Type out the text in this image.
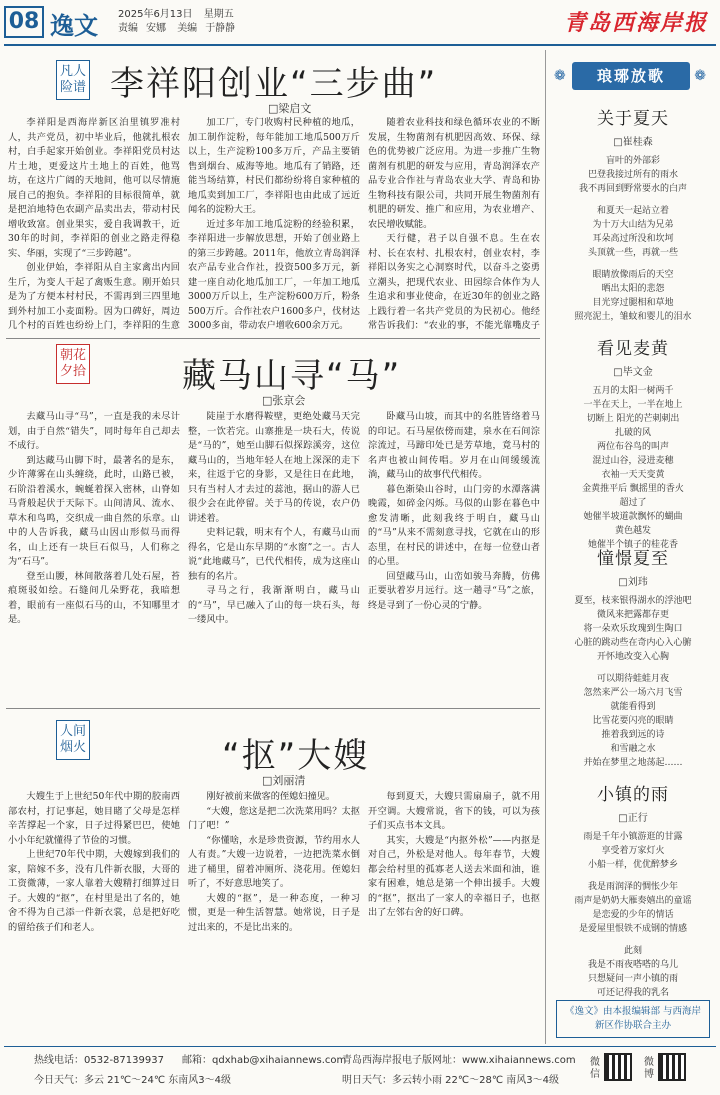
08 逸文 2025年6月13日 星期五
责编 安娜 美编 于静静	青岛西海岸报
凡人
险谱 李祥阳创业“三步曲”
□梁启文

李祥阳是西海岸新区泊里镇罗准村人，共产党员，初中毕业后，他就扎根农村，白手起家开始创业。李祥阳党员村达片土地，更爱这片土地上的百姓，他骂坊，在这片广阔的天地间，他可以尽情施展自己的抱负。李祥阳的目标很简单，就是把泊地特色农副产品卖出去，带动村民增收致富。创业果实，爱自我调教干，近30年的时间，李祥阳的创业之路走得稳实、华丽，实现了“三步跨越”。

创业伊始，李祥阳从自主家禽出内回生斤，为变人干起了禽贩生意。刚开始只是为了方便本村村民，不需再到三四里地到外村加工小麦面粉。因为口碑好，周边几个村的百姓也纷纷上门，李祥阳的生意

加工厂，专门收购村民种植的地瓜，加工制作淀粉，每年能加工地瓜500万斤以上，生产淀粉100多万斤，产品主要销售到烟台、威海等地。地瓜有了销路，还能当场结算，村民们都纷纷将自家种植的地瓜卖到加工厂，李祥阳也由此成了远近闻名的淀粉大王。

近过多年加工地瓜淀粉的经验积累，李祥阳进一步解放思想，开始了创业路上的第三步跨越。2011年，他放立青岛润泽农产品专业合作社，投资500多万元，新建一座自动化地瓜加工厂，一年加工地瓜3000万斤以上，生产淀粉600万斤，粉条500万斤。合作社农户1600多户，伐材达3000多亩，带动农户增收600余万元。

随着农业科技和绿色循环农业的不断发展，生物菌剂有机肥因高效、环保、绿色的优势被广泛应用。为进一步推广生物菌剂有机肥的研发与应用，青岛润泽农产品专业合作社与青岛农业大学、青岛和协生物科技有限公司，共同开展生物菌剂有机肥的研发、推广和应用，为农业增产、农民增收赋能。

天行健，君子以自强不息。生在农村、长在农村、扎根农村，创业农村，李祥阳以务实之心洞察时代，以奋斗之姿勇立潮头，把现代农业、田园综合体作为人生追求和事业使命，在近30年的创业之路上践行着一名共产党员的为民初心。他经常告诉我们：“农业的事，不能光靠嘴皮子

朝花
夕拾	藏马山寻“马”
□张京会

去藏马山寻“马”，一直是我的未尽计划，由于自然“错失”，同时每年自己却去不成行。

到达藏马山脚下时，最著名的是东，少许薄雾在山头缠绕，此时，山路已被，石阶沿着溪水，蜿蜒着探入密林，山脊如马背般起伏于天际下。山间清风、流水、草木和鸟鸣，交织成一曲自然的乐章。山中的人告诉我，藏马山因山形似马而得名，山上还有一块巨石似马，人们称之为“石马”。

登至山腰，林间散落着几处石屋，苔痕斑驳如绘。石缝间几朵野花，我暗想着，眼前有一座似石马的山，不知哪里才是。

陡崖于水磨得鞍壁，更绝处藏马天完整，一饮若完。山寨推是一块石大，传说是“马的”，她至山脚石似探踪溪旁，这位藏马山的，当地年轻人在地上深深的走下来，往返于它的身影，又是往日在此地，只有当村人才去过的蕊池，据山的游人已很少会在此停留。关于马的传说，农户仍讲述着。

史料记载，明末有个人，有藏马山而得名，它是山东早期的“水窗”之一。古人说“此地藏马”，已代代相传，成为这座山独有的名片。

寻马之行，我渐渐明白，藏马山的“马”，早已融入了山的每一块石头，每一缕风中。

卧藏马山坡，而其中的名胜皆络着马的印记。石马屋依傍而建，泉水在石间淙淙流过，马蹄印处已是芳草地，竟马村的名声也被山间传唱。岁月在山间缓缓流淌，藏马山的故事代代相传。

暮色渐染山谷时，山门旁的水潭落满晚霞，如碎金闪烁。马似的山影在暮色中愈发清晰，此刻我终于明白，藏马山的“马”从来不需刻意寻找，它就在山的形态里，在村民的讲述中，在每一位登山者的心里。

回望藏马山，山峦如骏马奔腾，仿佛正要驮着岁月远行。这一趟寻“马”之旅，终是寻到了一份心灵的宁静。

人间
烟火	“抠”大嫂
□刘丽清

大嫂生于上世纪50年代中期的胶南西部农村，打记事起，她目睹了父母是怎样辛苦撑起一个家，日子过得紧巴巴，使她小小年纪就懂得了节俭的习惯。

上世纪70年代中期，大嫂嫁到我们的家，陪嫁不多，没有几件新衣服，大哥的工资微薄，一家人靠着大嫂精打细算过日子。大嫂的“抠”，在村里是出了名的，她舍不得为自己添一件新衣裳，总是把好吃的留给孩子们和老人。

刚好被前来做客的侄媳妇撞见。

“大嫂，您这是把二次洗菜用吗？太抠门了吧！”

“你懂啥，水是珍贵资源，节约用水人人有责。”大嫂一边说着，一边把洗菜水倒进了桶里，留着冲厕所、浇花用。侄媳妇听了，不好意思地笑了。

大嫂的“抠”，是一种态度，一种习惯，更是一种生活智慧。她常说，日子是过出来的，不是比出来的。

每到夏天，大嫂只需扇扇子，就不用开空调。大嫂常说，省下的钱，可以为孩子们买点书本文具。

其实，大嫂是“内抠外松”——内抠是对自己，外松是对他人。每年春节，大嫂都会给村里的孤寡老人送去米面和油，谁家有困难，她总是第一个伸出援手。大嫂的“抠”，抠出了一家人的幸福日子，也抠出了左邻右舍的好口碑。

❁ 琅琊放歌 ❁
关于夏天
□崔桂森
盲叶的外部彩
巴登我接过所有的雨水
我不再回到野常要水的白声
和夏天一起站立着
为十万大山结为兄弟
耳朵高过所没和坎坷
头顶就一些，再就一些
眼睛放像雨后的天空
晒出太阳的悲怨
目光穿过腿相和草地
照亮泥土，雏蚊和婴儿的泪水
看见麦黄
□毕文金
五月的太阳一树两千
一半在天上，一半在地上
切断上 阳光的芒刺刺出
扎破的风
两位布谷鸟的叫声
混过山谷，浸进麦穗
衣袖一天天变黄
金黄推平后 飘摇里的香火
超过了
她催半坡道款飘怀的蝴曲
黄色越发
她催半个镇子的桂花香
憧憬夏至
□刘玮
夏至，枝来银得湖水的浮池吧
微风来把露都存更
将一朵欢乐玫瑰到生陶口
心脏的跳动些在奇内心入心腑
开怀地改变入心胸
可以期待蛙蛙月夜
忽然来严公一场六月飞雪
就能看得到
比雪花要闪亮的眼睛
推着我到远的诗
和雪融之水
并始在梦里之地荡起……
小镇的雨
□正行
雨是千年小镇游逛的甘露
享受着万家灯火
小船一样，优优醉梦乡
我是雨润泽的惆怅少年
雨声是奶奶大雁奏嬉出的童谣
是恋爱的少年的情话
是爱屋里恨铁不成钢的情感
此刻
我是不雨夜嗒嗒的乌儿
只想疑问一声小镇的雨
可还记得我的乳名
《逸文》由本报编辑部 与西海岸新区作协联合主办
热线电话：0532-87139937 邮箱：qdxhab@xihaiannews.com
青岛西海岸报电子版网址：www.xihaiannews.com
今日天气：多云 21℃～24℃ 东南风3～4级	明日天气：多云转小雨 22℃～28℃ 南风3～4级
微信
微博
